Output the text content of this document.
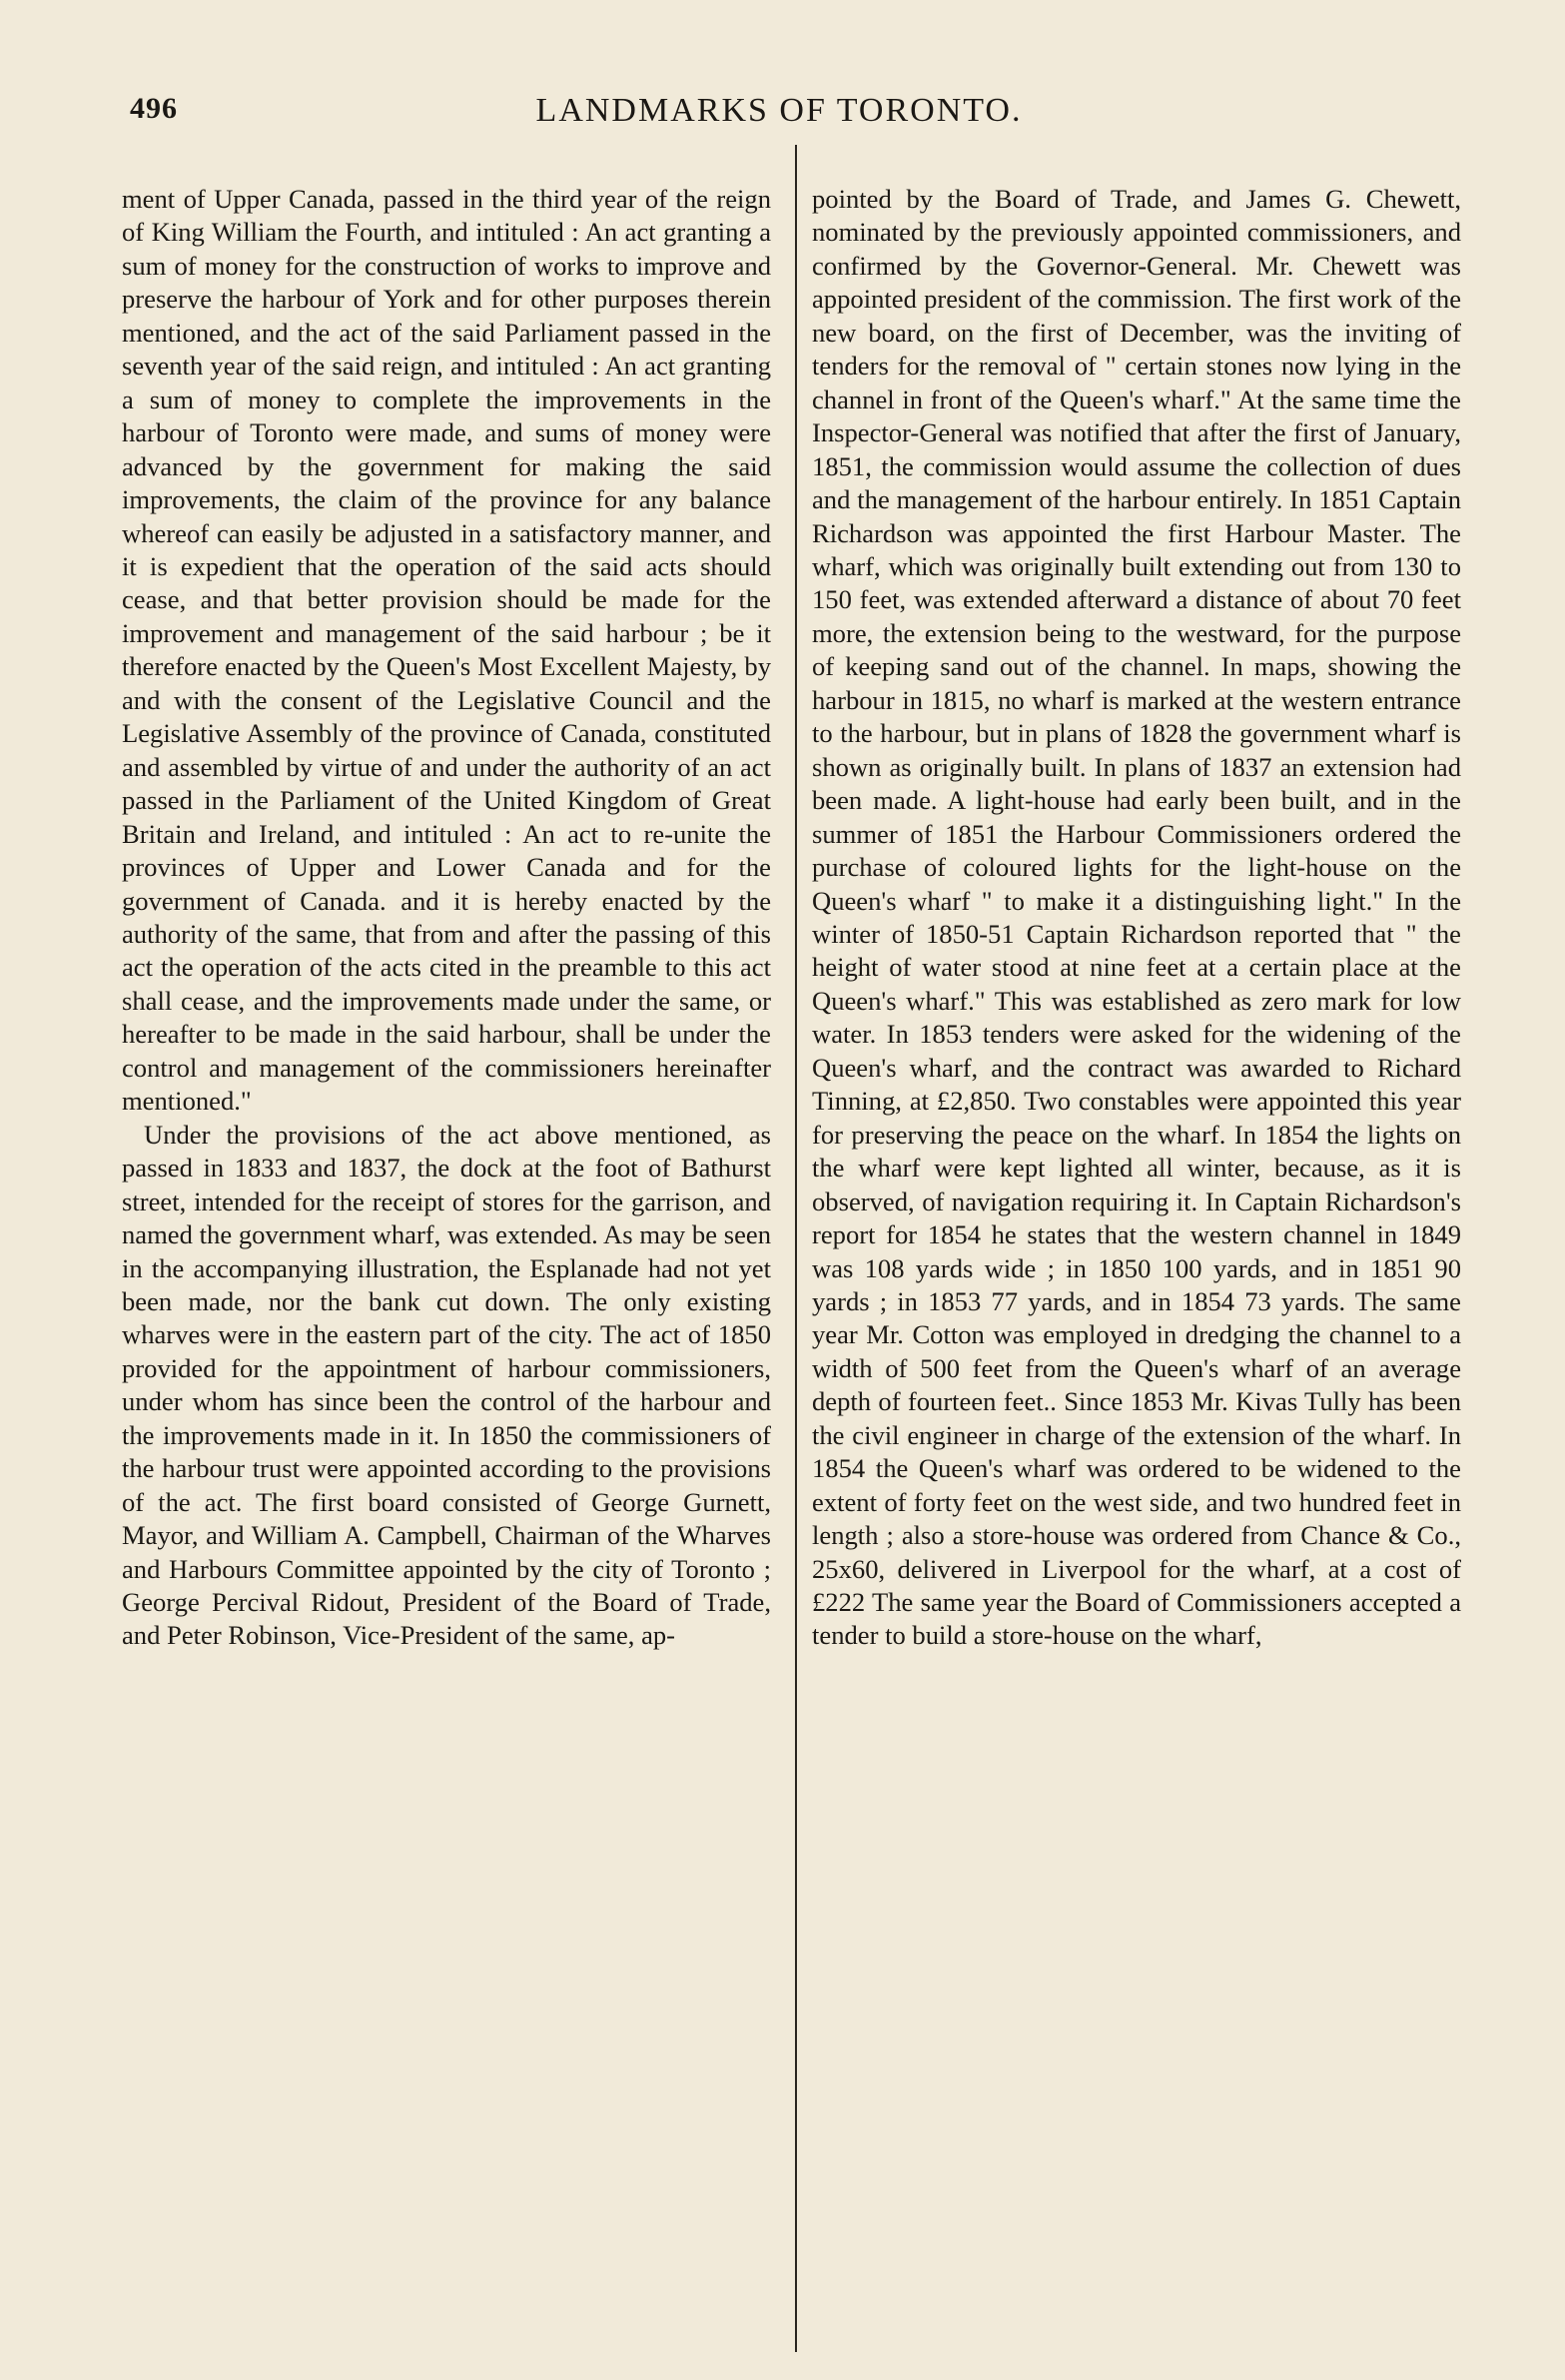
496	LANDMARKS OF TORONTO.

ment of Upper Canada, passed in the third year of the reign of King William the Fourth, and intituled : An act granting a sum of money for the construction of works to improve and preserve the harbour of York and for other purposes therein mentioned, and the act of the said Parliament passed in the seventh year of the said reign, and intituled : An act granting a sum of money to complete the improvements in the harbour of Toronto were made, and sums of money were advanced by the government for making the said improvements, the claim of the province for any balance whereof can easily be adjusted in a satisfactory manner, and it is expedient that the operation of the said acts should cease, and that better provision should be made for the improvement and management of the said harbour ; be it therefore enacted by the Queen's Most Excellent Majesty, by and with the consent of the Legislative Council and the Legislative Assembly of the province of Canada, constituted and assembled by virtue of and under the authority of an act passed in the Parliament of the United Kingdom of Great Britain and Ireland, and intituled : An act to re-unite the provinces of Upper and Lower Canada and for the government of Canada. and it is hereby enacted by the authority of the same, that from and after the passing of this act the operation of the acts cited in the preamble to this act shall cease, and the improvements made under the same, or hereafter to be made in the said harbour, shall be under the control and management of the commissioners hereinafter mentioned."

Under the provisions of the act above mentioned, as passed in 1833 and 1837, the dock at the foot of Bathurst street, intended for the receipt of stores for the garrison, and named the government wharf, was extended. As may be seen in the accompanying illustration, the Esplanade had not yet been made, nor the bank cut down. The only existing wharves were in the eastern part of the city. The act of 1850 provided for the appointment of harbour commissioners, under whom has since been the control of the harbour and the improvements made in it. In 1850 the commissioners of the harbour trust were appointed according to the provisions of the act. The first board consisted of George Gurnett, Mayor, and William A. Campbell, Chairman of the Wharves and Harbours Committee appointed by the city of Toronto ; George Percival Ridout, President of the Board of Trade, and Peter Robinson, Vice-President of the same, ap-

pointed by the Board of Trade, and James G. Chewett, nominated by the previously appointed commissioners, and confirmed by the Governor-General. Mr. Chewett was appointed president of the commission. The first work of the new board, on the first of December, was the inviting of tenders for the removal of " certain stones now lying in the channel in front of the Queen's wharf." At the same time the Inspector-General was notified that after the first of January, 1851, the commission would assume the collection of dues and the management of the harbour entirely. In 1851 Captain Richardson was appointed the first Harbour Master. The wharf, which was originally built extending out from 130 to 150 feet, was extended afterward a distance of about 70 feet more, the extension being to the westward, for the purpose of keeping sand out of the channel. In maps, showing the harbour in 1815, no wharf is marked at the western entrance to the harbour, but in plans of 1828 the government wharf is shown as originally built. In plans of 1837 an extension had been made. A light-house had early been built, and in the summer of 1851 the Harbour Commissioners ordered the purchase of coloured lights for the light-house on the Queen's wharf " to make it a distinguishing light." In the winter of 1850-51 Captain Richardson reported that " the height of water stood at nine feet at a certain place at the Queen's wharf." This was established as zero mark for low water. In 1853 tenders were asked for the widening of the Queen's wharf, and the contract was awarded to Richard Tinning, at £2,850. Two constables were appointed this year for preserving the peace on the wharf. In 1854 the lights on the wharf were kept lighted all winter, because, as it is observed, of navigation requiring it. In Captain Richardson's report for 1854 he states that the western channel in 1849 was 108 yards wide ; in 1850 100 yards, and in 1851 90 yards ; in 1853 77 yards, and in 1854 73 yards. The same year Mr. Cotton was employed in dredging the channel to a width of 500 feet from the Queen's wharf of an average depth of fourteen feet.. Since 1853 Mr. Kivas Tully has been the civil engineer in charge of the extension of the wharf. In 1854 the Queen's wharf was ordered to be widened to the extent of forty feet on the west side, and two hundred feet in length ; also a store-house was ordered from Chance & Co., 25x60, delivered in Liverpool for the wharf, at a cost of £222 The same year the Board of Commissioners accepted a tender to build a store-house on the wharf,
